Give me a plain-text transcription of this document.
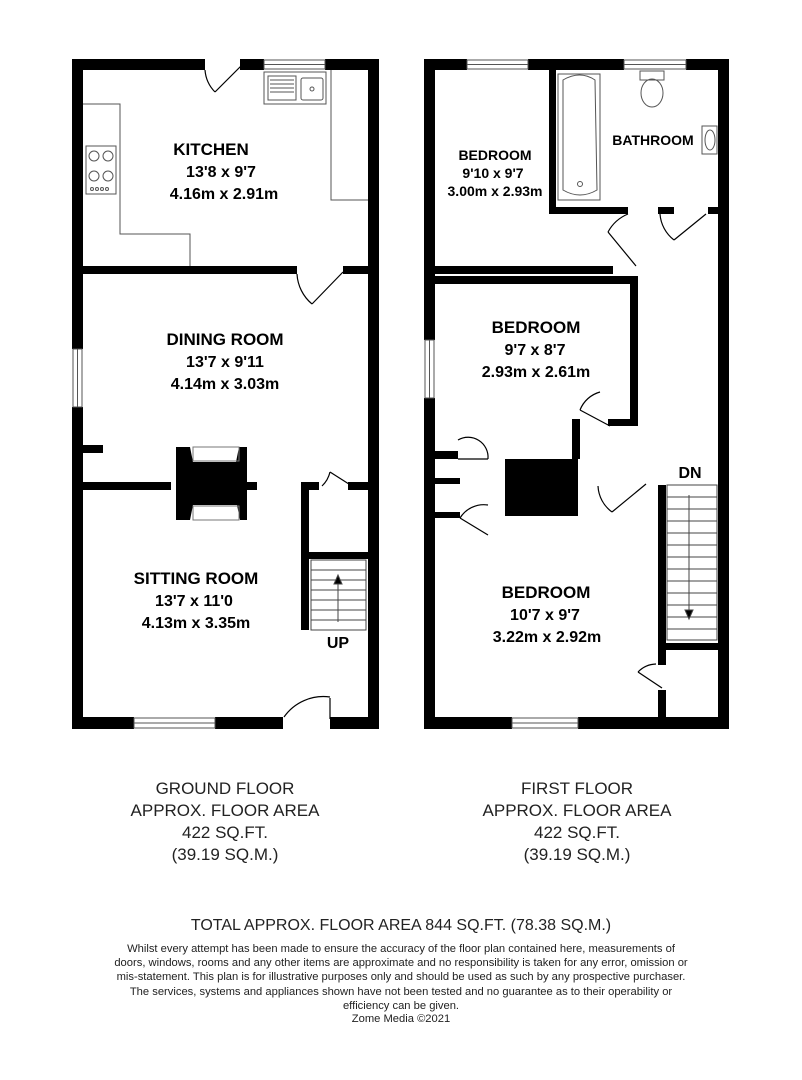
KITCHEN
13'8 x 9'7
4.16m x 2.91m
DINING ROOM
13'7 x 9'11
4.14m x 3.03m
SITTING ROOM
13'7 x 11'0
4.13m x 3.35m
UP
BEDROOM
9'10 x 9'7
3.00m x 2.93m
BATHROOM
BEDROOM
9'7 x 8'7
2.93m x 2.61m
BEDROOM
10'7 x 9'7
3.22m x 2.92m
DN
GROUND FLOOR
APPROX. FLOOR AREA
422 SQ.FT.
(39.19 SQ.M.)
FIRST FLOOR
APPROX. FLOOR AREA
422 SQ.FT.
(39.19 SQ.M.)
TOTAL APPROX. FLOOR AREA 844 SQ.FT. (78.38 SQ.M.)
Whilst every attempt has been made to ensure the accuracy of the floor plan contained here, measurements of doors, windows, rooms and any other items are approximate and no responsibility is taken for any error, omission or mis-statement. This plan is for illustrative purposes only and should be used as such by any prospective purchaser. The services, systems and appliances shown have not been tested and no guarantee as to their operability or efficiency can be given.
Zome Media ©2021
